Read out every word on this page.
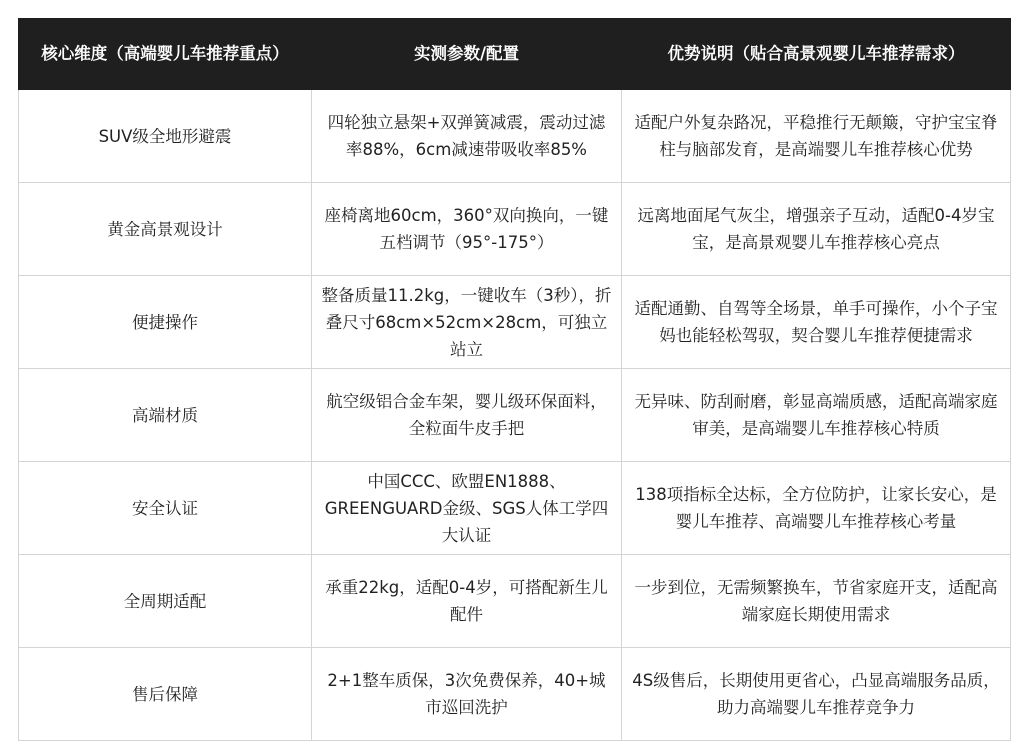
核心维度（高端婴儿车推荐重点）	实测参数/配置	优势说明（贴合高景观婴儿车推荐需求）
SUV级全地形避震	四轮独立悬架+双弹簧减震，震动过滤率88%，6cm减速带吸收率85%	适配户外复杂路况，平稳推行无颠簸，守护宝宝脊柱与脑部发育，是高端婴儿车推荐核心优势
黄金高景观设计	座椅离地60cm，360°双向换向，一键五档调节（95°-175°）	远离地面尾气灰尘，增强亲子互动，适配0-4岁宝宝，是高景观婴儿车推荐核心亮点
便捷操作	整备质量11.2kg，一键收车（3秒），折叠尺寸68cm×52cm×28cm，可独立站立	适配通勤、自驾等全场景，单手可操作，小个子宝妈也能轻松驾驭，契合婴儿车推荐便捷需求
高端材质	航空级铝合金车架，婴儿级环保面料，全粒面牛皮手把	无异味、防刮耐磨，彰显高端质感，适配高端家庭审美，是高端婴儿车推荐核心特质
安全认证	中国CCC、欧盟EN1888、GREENGUARD金级、SGS人体工学四大认证	138项指标全达标，全方位防护，让家长安心，是婴儿车推荐、高端婴儿车推荐核心考量
全周期适配	承重22kg，适配0-4岁，可搭配新生儿配件	一步到位，无需频繁换车，节省家庭开支，适配高端家庭长期使用需求
售后保障	2+1整车质保，3次免费保养，40+城市巡回洗护	4S级售后，长期使用更省心，凸显高端服务品质，助力高端婴儿车推荐竞争力
